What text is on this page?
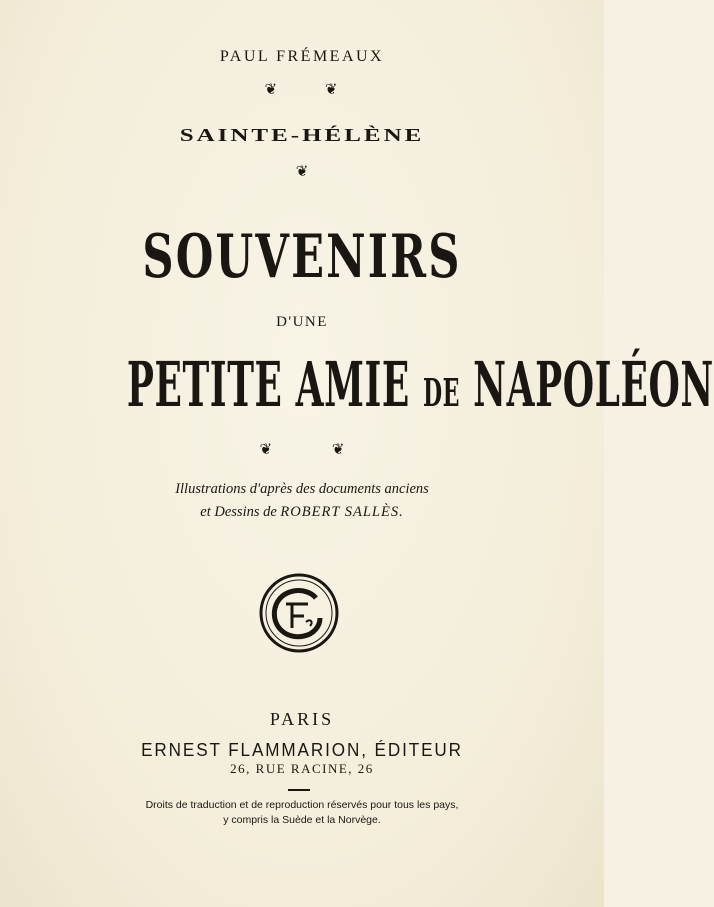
PAUL FRÉMEAUX
❦ ❦
SAINTE-HÉLÈNE
❦
SOUVENIRS
D'UNE
PETITE AMIE DE NAPOLÉON
❦ ❦
Illustrations d'après des documents anciens
et Dessins de ROBERT SALLÈS.
PARIS
ERNEST FLAMMARION, ÉDITEUR
26, RUE RACINE, 26
Droits de traduction et de reproduction réservés pour tous les pays,
y compris la Suède et la Norvège.
